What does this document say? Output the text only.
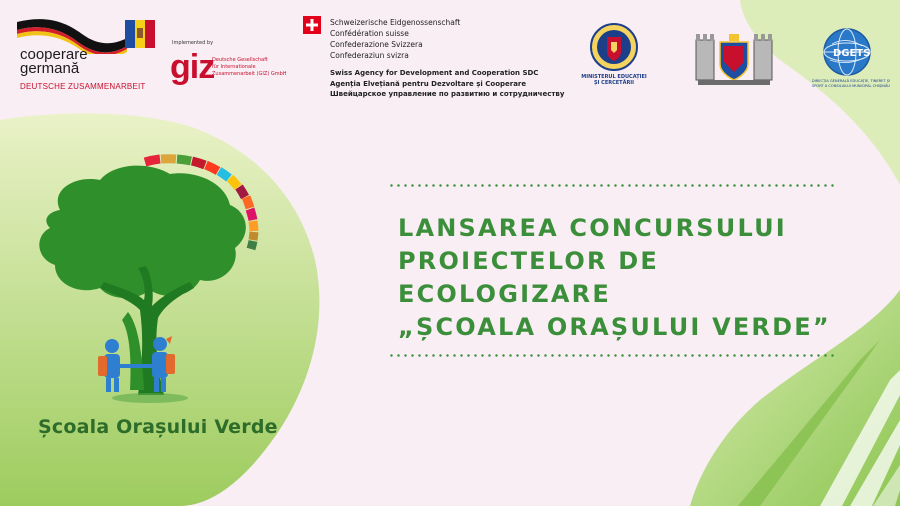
cooperare
germană
DEUTSCHE ZUSAMMENARBEIT
Implemented by
giz
Deutsche Gesellschaft
für Internationale
Zusammenarbeit (GIZ) GmbH
Schweizerische Eidgenossenschaft
Confédération suisse
Confederazione Svizzera
Confederaziun svizra
Swiss Agency for Development and Cooperation SDC
Agenția Elvețiană pentru Dezvoltare și Cooperare
Швейцарское управление по развитию и сотрудничеству
MINISTERUL EDUCAȚIEI
ȘI CERCETĂRII
DGETS
DIRECȚIA GENERALĂ EDUCAȚIE, TINERET ȘI SPORT A CONSILIULUI MUNICIPAL CHIȘINĂU
Școala Orașului Verde
LANSAREA CONCURSULUI
PROIECTELOR DE
ECOLOGIZARE
„ȘCOALA ORAȘULUI VERDE”
